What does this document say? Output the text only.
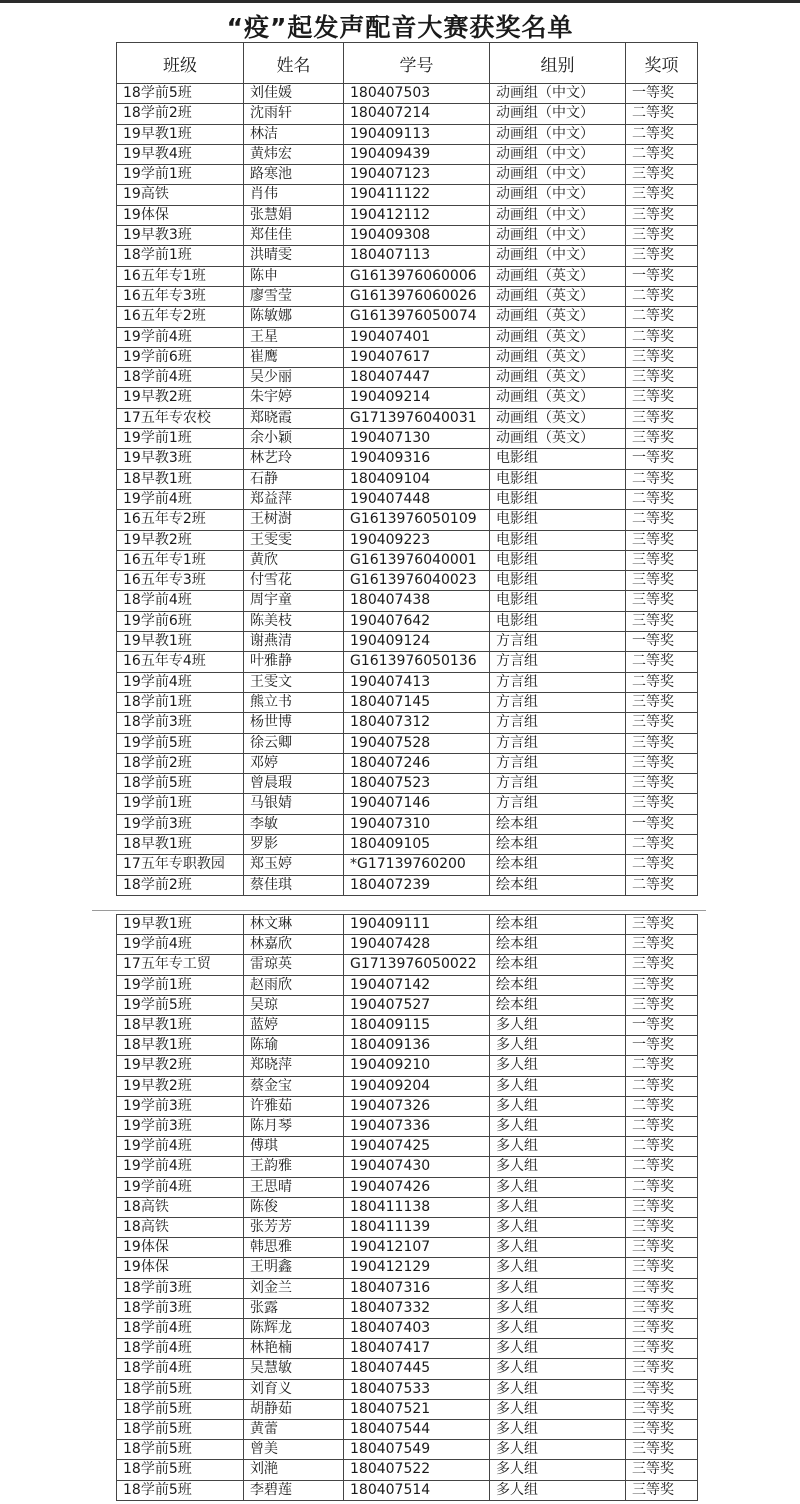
“疫”起发声配音大赛获奖名单
班级	姓名	学号	组别	奖项
18学前5班	刘佳媛	180407503	动画组（中文）	一等奖
18学前2班	沈雨轩	180407214	动画组（中文）	二等奖
19早教1班	林洁	190409113	动画组（中文）	二等奖
19早教4班	黄炜宏	190409439	动画组（中文）	二等奖
19学前1班	路寒池	190407123	动画组（中文）	三等奖
19高铁	肖伟	190411122	动画组（中文）	三等奖
19体保	张慧娟	190412112	动画组（中文）	三等奖
19早教3班	郑佳佳	190409308	动画组（中文）	三等奖
18学前1班	洪晴雯	180407113	动画组（中文）	三等奖
16五年专1班	陈申	G1613976060006	动画组（英文）	一等奖
16五年专3班	廖雪莹	G1613976060026	动画组（英文）	二等奖
16五年专2班	陈敏娜	G1613976050074	动画组（英文）	二等奖
19学前4班	王星	190407401	动画组（英文）	二等奖
19学前6班	崔鹰	190407617	动画组（英文）	三等奖
18学前4班	吴少丽	180407447	动画组（英文）	三等奖
19早教2班	朱宇婷	190409214	动画组（英文）	三等奖
17五年专农校	郑晓霞	G1713976040031	动画组（英文）	三等奖
19学前1班	余小颖	190407130	动画组（英文）	三等奖
19早教3班	林艺玲	190409316	电影组	一等奖
18早教1班	石静	180409104	电影组	二等奖
19学前4班	郑益萍	190407448	电影组	二等奖
16五年专2班	王树澍	G1613976050109	电影组	二等奖
19早教2班	王雯雯	190409223	电影组	三等奖
16五年专1班	黄欣	G1613976040001	电影组	三等奖
16五年专3班	付雪花	G1613976040023	电影组	三等奖
18学前4班	周宇童	180407438	电影组	三等奖
19学前6班	陈美枝	190407642	电影组	三等奖
19早教1班	谢燕清	190409124	方言组	一等奖
16五年专4班	叶雅静	G1613976050136	方言组	二等奖
19学前4班	王雯文	190407413	方言组	二等奖
18学前1班	熊立书	180407145	方言组	三等奖
18学前3班	杨世博	180407312	方言组	三等奖
19学前5班	徐云卿	190407528	方言组	三等奖
18学前2班	邓婷	180407246	方言组	三等奖
18学前5班	曾晨瑕	180407523	方言组	三等奖
19学前1班	马银婧	190407146	方言组	三等奖
19学前3班	李敏	190407310	绘本组	一等奖
18早教1班	罗影	180409105	绘本组	二等奖
17五年专职教园	郑玉婷	*G17139760200	绘本组	二等奖
18学前2班	蔡佳琪	180407239	绘本组	二等奖
19早教1班	林文琳	190409111	绘本组	三等奖
19学前4班	林嘉欣	190407428	绘本组	三等奖
17五年专工贸	雷琼英	G1713976050022	绘本组	三等奖
19学前1班	赵雨欣	190407142	绘本组	三等奖
19学前5班	吴琼	190407527	绘本组	三等奖
18早教1班	蓝婷	180409115	多人组	一等奖
18早教1班	陈瑜	180409136	多人组	一等奖
19早教2班	郑晓萍	190409210	多人组	二等奖
19早教2班	蔡金宝	190409204	多人组	二等奖
19学前3班	许雅茹	190407326	多人组	二等奖
19学前3班	陈月琴	190407336	多人组	二等奖
19学前4班	傅琪	190407425	多人组	二等奖
19学前4班	王韵雅	190407430	多人组	二等奖
19学前4班	王思晴	190407426	多人组	二等奖
18高铁	陈俊	180411138	多人组	三等奖
18高铁	张芳芳	180411139	多人组	三等奖
19体保	韩思雅	190412107	多人组	三等奖
19体保	王明鑫	190412129	多人组	三等奖
18学前3班	刘金兰	180407316	多人组	三等奖
18学前3班	张露	180407332	多人组	三等奖
18学前4班	陈辉龙	180407403	多人组	三等奖
18学前4班	林艳楠	180407417	多人组	三等奖
18学前4班	吴慧敏	180407445	多人组	三等奖
18学前5班	刘育义	180407533	多人组	三等奖
18学前5班	胡静茹	180407521	多人组	三等奖
18学前5班	黄蕾	180407544	多人组	三等奖
18学前5班	曾美	180407549	多人组	三等奖
18学前5班	刘滟	180407522	多人组	三等奖
18学前5班	李碧莲	180407514	多人组	三等奖
